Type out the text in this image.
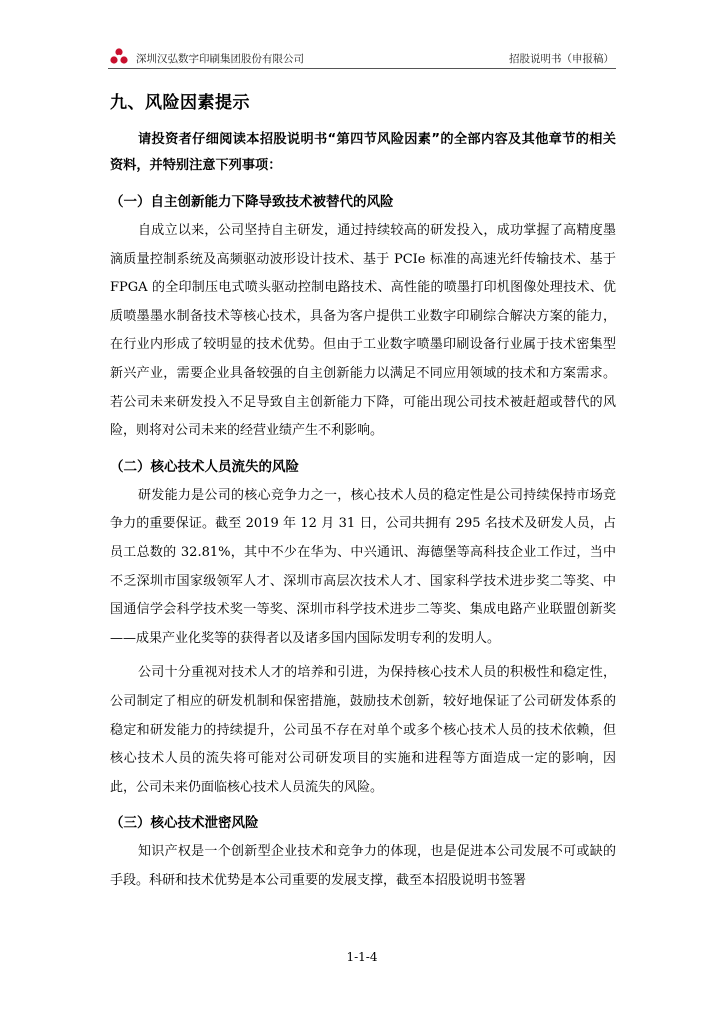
深圳汉弘数字印刷集团股份有限公司	招股说明书（申报稿）
九、风险因素提示

请投资者仔细阅读本招股说明书“第四节风险因素”的全部内容及其他章节的相关资料，并特别注意下列事项：

（一）自主创新能力下降导致技术被替代的风险

自成立以来，公司坚持自主研发，通过持续较高的研发投入，成功掌握了高精度墨滴质量控制系统及高频驱动波形设计技术、基于 PCIe 标准的高速光纤传输技术、基于 FPGA 的全印制压电式喷头驱动控制电路技术、高性能的喷墨打印机图像处理技术、优质喷墨墨水制备技术等核心技术，具备为客户提供工业数字印刷综合解决方案的能力，在行业内形成了较明显的技术优势。但由于工业数字喷墨印刷设备行业属于技术密集型新兴产业，需要企业具备较强的自主创新能力以满足不同应用领域的技术和方案需求。若公司未来研发投入不足导致自主创新能力下降，可能出现公司技术被赶超或替代的风险，则将对公司未来的经营业绩产生不利影响。

（二）核心技术人员流失的风险

研发能力是公司的核心竞争力之一，核心技术人员的稳定性是公司持续保持市场竞争力的重要保证。截至 2019 年 12 月 31 日，公司共拥有 295 名技术及研发人员，占员工总数的 32.81%，其中不少在华为、中兴通讯、海德堡等高科技企业工作过，当中不乏深圳市国家级领军人才、深圳市高层次技术人才、国家科学技术进步奖二等奖、中国通信学会科学技术奖一等奖、深圳市科学技术进步二等奖、集成电路产业联盟创新奖——成果产业化奖等的获得者以及诸多国内国际发明专利的发明人。

公司十分重视对技术人才的培养和引进，为保持核心技术人员的积极性和稳定性，公司制定了相应的研发机制和保密措施，鼓励技术创新，较好地保证了公司研发体系的稳定和研发能力的持续提升，公司虽不存在对单个或多个核心技术人员的技术依赖，但核心技术人员的流失将可能对公司研发项目的实施和进程等方面造成一定的影响，因此，公司未来仍面临核心技术人员流失的风险。

（三）核心技术泄密风险

知识产权是一个创新型企业技术和竞争力的体现，也是促进本公司发展不可或缺的手段。科研和技术优势是本公司重要的发展支撑，截至本招股说明书签署

1-1-4
